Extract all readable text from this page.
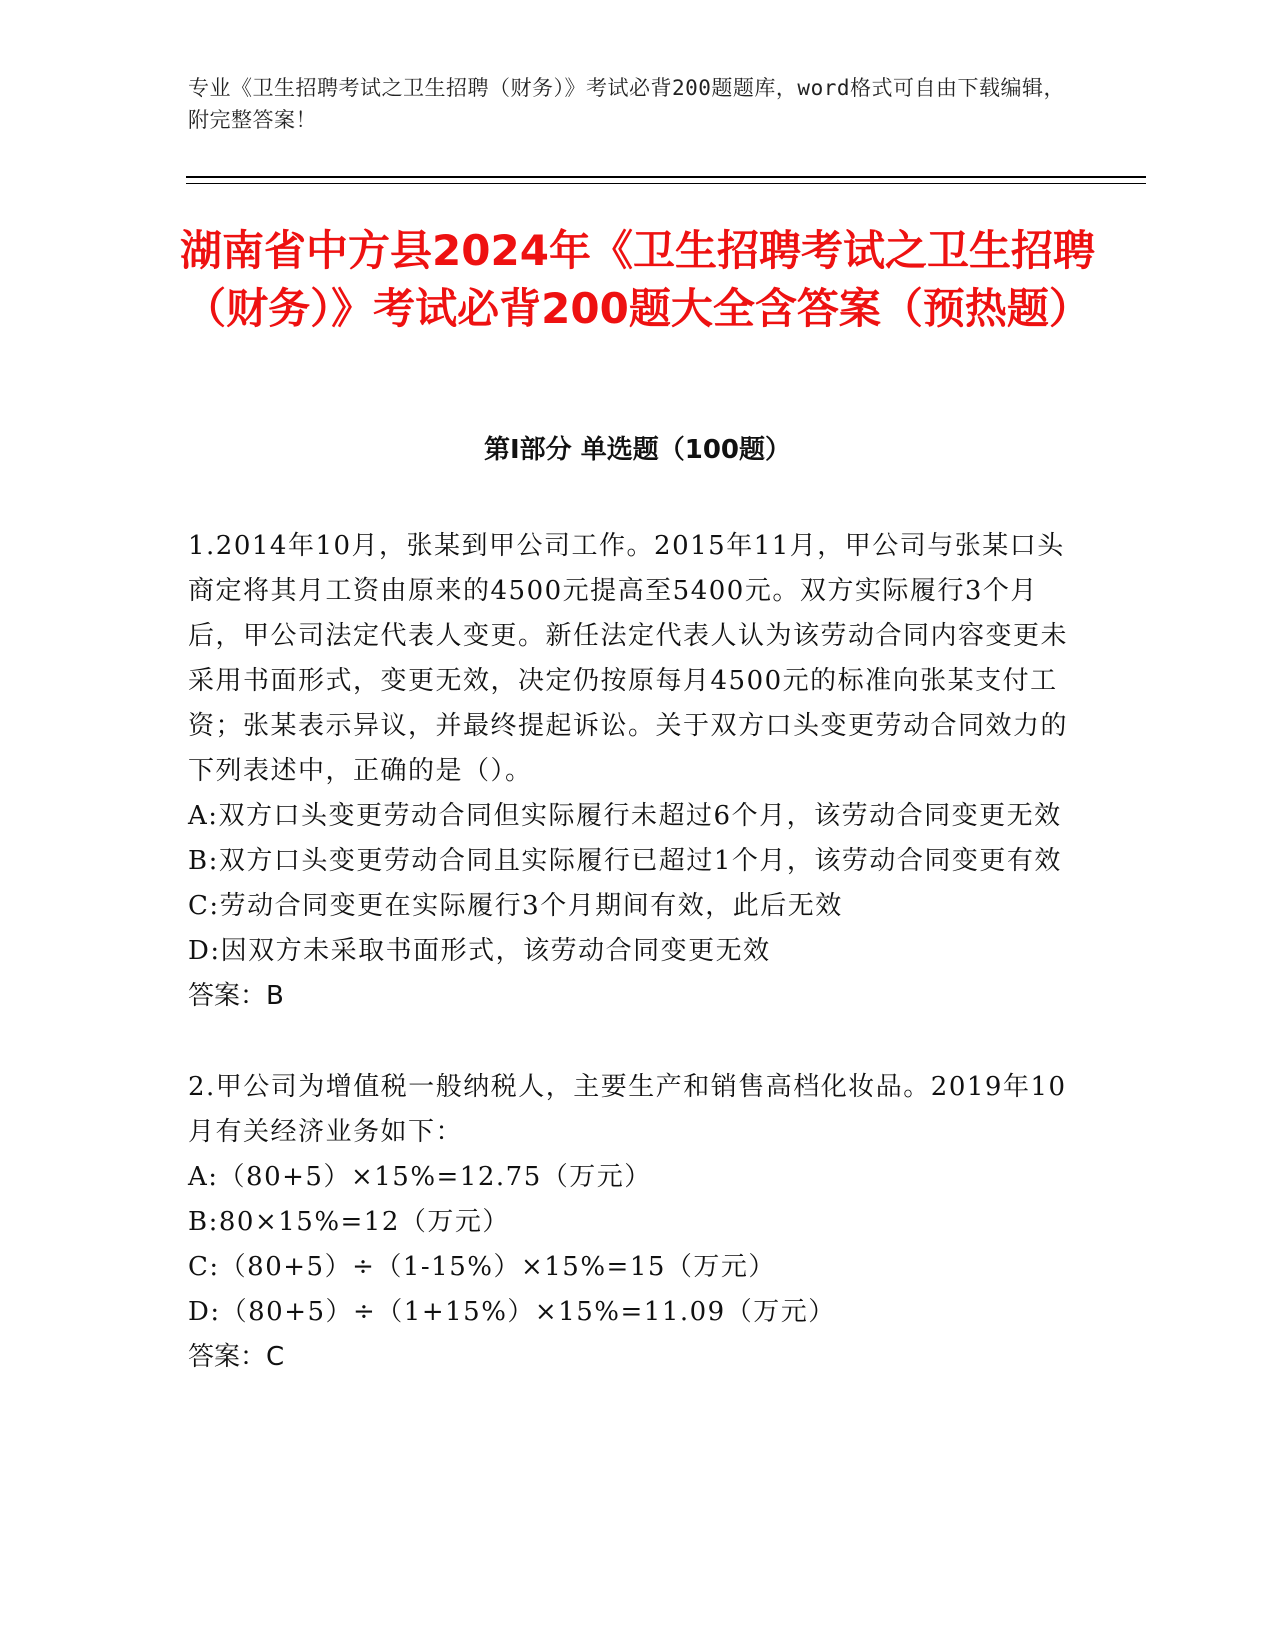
专业《卫生招聘考试之卫生招聘（财务）》考试必背200题题库，word格式可自由下载编辑，附完整答案！
湖南省中方县2024年《卫生招聘考试之卫生招聘（财务）》考试必背200题大全含答案（预热题）
第I部分 单选题（100题）

1.2014年10月，张某到甲公司工作。2015年11月，甲公司与张某口头商定将其月工资由原来的4500元提高至5400元。双方实际履行3个月后，甲公司法定代表人变更。新任法定代表人认为该劳动合同内容变更未采用书面形式，变更无效，决定仍按原每月4500元的标准向张某支付工资；张某表示异议，并最终提起诉讼。关于双方口头变更劳动合同效力的下列表述中，正确的是（）。

A:双方口头变更劳动合同但实际履行未超过6个月，该劳动合同变更无效

B:双方口头变更劳动合同且实际履行已超过1个月，该劳动合同变更有效

C:劳动合同变更在实际履行3个月期间有效，此后无效

D:因双方未采取书面形式，该劳动合同变更无效

答案：B

2.甲公司为增值税一般纳税人，主要生产和销售高档化妆品。2019年10月有关经济业务如下：

A:（80+5）×15%=12.75（万元）

B:80×15%=12（万元）

C:（80+5）÷（1-15%）×15%=15（万元）

D:（80+5）÷（1+15%）×15%=11.09（万元）

答案：C
